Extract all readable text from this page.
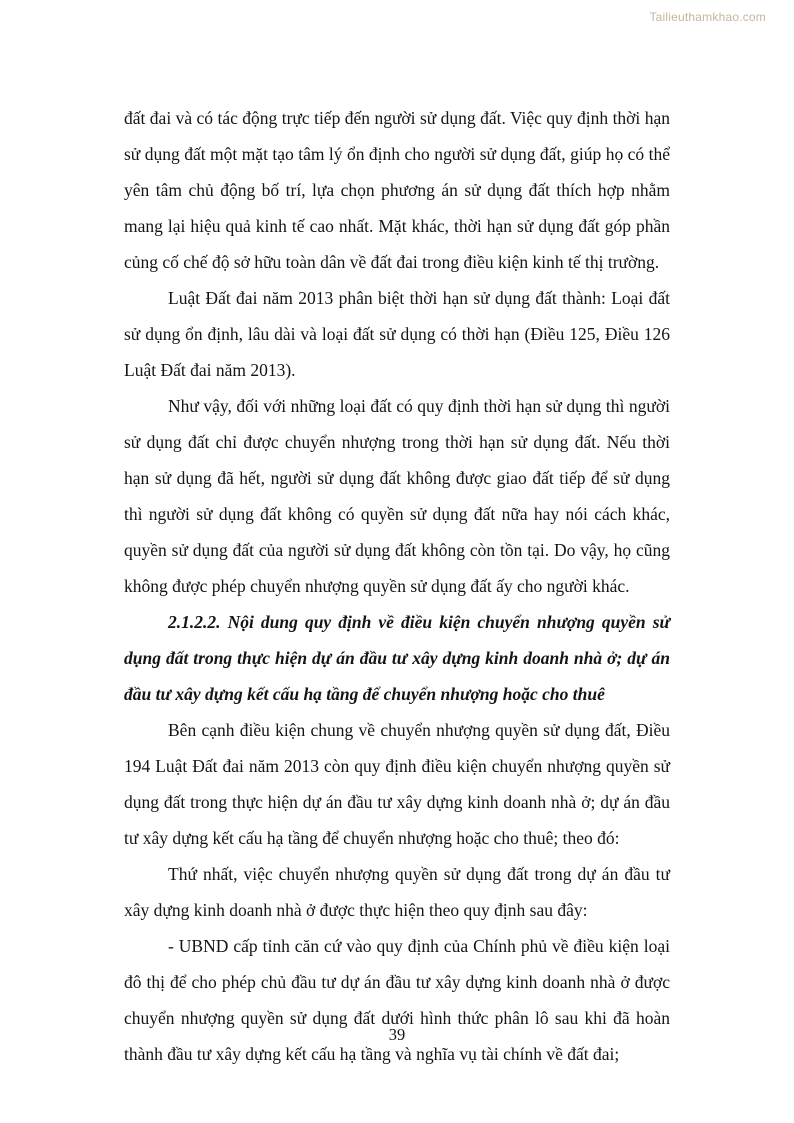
Tailieuthamkhao.com

đất đai và có tác động trực tiếp đến người sử dụng đất. Việc quy định thời hạn sử dụng đất một mặt tạo tâm lý ổn định cho người sử dụng đất, giúp họ có thể yên tâm chủ động bố trí, lựa chọn phương án sử dụng đất thích hợp nhằm mang lại hiệu quả kinh tế cao nhất. Mặt khác, thời hạn sử dụng đất góp phần củng cố chế độ sở hữu toàn dân về đất đai trong điều kiện kinh tế thị trường.

Luật Đất đai năm 2013 phân biệt thời hạn sử dụng đất thành: Loại đất sử dụng ổn định, lâu dài và loại đất sử dụng có thời hạn (Điều 125, Điều 126 Luật Đất đai năm 2013).

Như vậy, đối với những loại đất có quy định thời hạn sử dụng thì người sử dụng đất chỉ được chuyển nhượng trong thời hạn sử dụng đất. Nếu thời hạn sử dụng đã hết, người sử dụng đất không được giao đất tiếp để sử dụng thì người sử dụng đất không có quyền sử dụng đất nữa hay nói cách khác, quyền sử dụng đất của người sử dụng đất không còn tồn tại. Do vậy, họ cũng không được phép chuyển nhượng quyền sử dụng đất ấy cho người khác.

2.1.2.2. Nội dung quy định về điều kiện chuyển nhượng quyền sử dụng đất trong thực hiện dự án đầu tư xây dựng kinh doanh nhà ở; dự án đầu tư xây dựng kết cấu hạ tầng để chuyển nhượng hoặc cho thuê

Bên cạnh điều kiện chung về chuyển nhượng quyền sử dụng đất, Điều 194 Luật Đất đai năm 2013 còn quy định điều kiện chuyển nhượng quyền sử dụng đất trong thực hiện dự án đầu tư xây dựng kinh doanh nhà ở; dự án đầu tư xây dựng kết cấu hạ tầng để chuyển nhượng hoặc cho thuê; theo đó:

Thứ nhất, việc chuyển nhượng quyền sử dụng đất trong dự án đầu tư xây dựng kinh doanh nhà ở được thực hiện theo quy định sau đây:

- UBND cấp tỉnh căn cứ vào quy định của Chính phủ về điều kiện loại đô thị để cho phép chủ đầu tư dự án đầu tư xây dựng kinh doanh nhà ở được chuyển nhượng quyền sử dụng đất dưới hình thức phân lô sau khi đã hoàn thành đầu tư xây dựng kết cấu hạ tầng và nghĩa vụ tài chính về đất đai;

39
